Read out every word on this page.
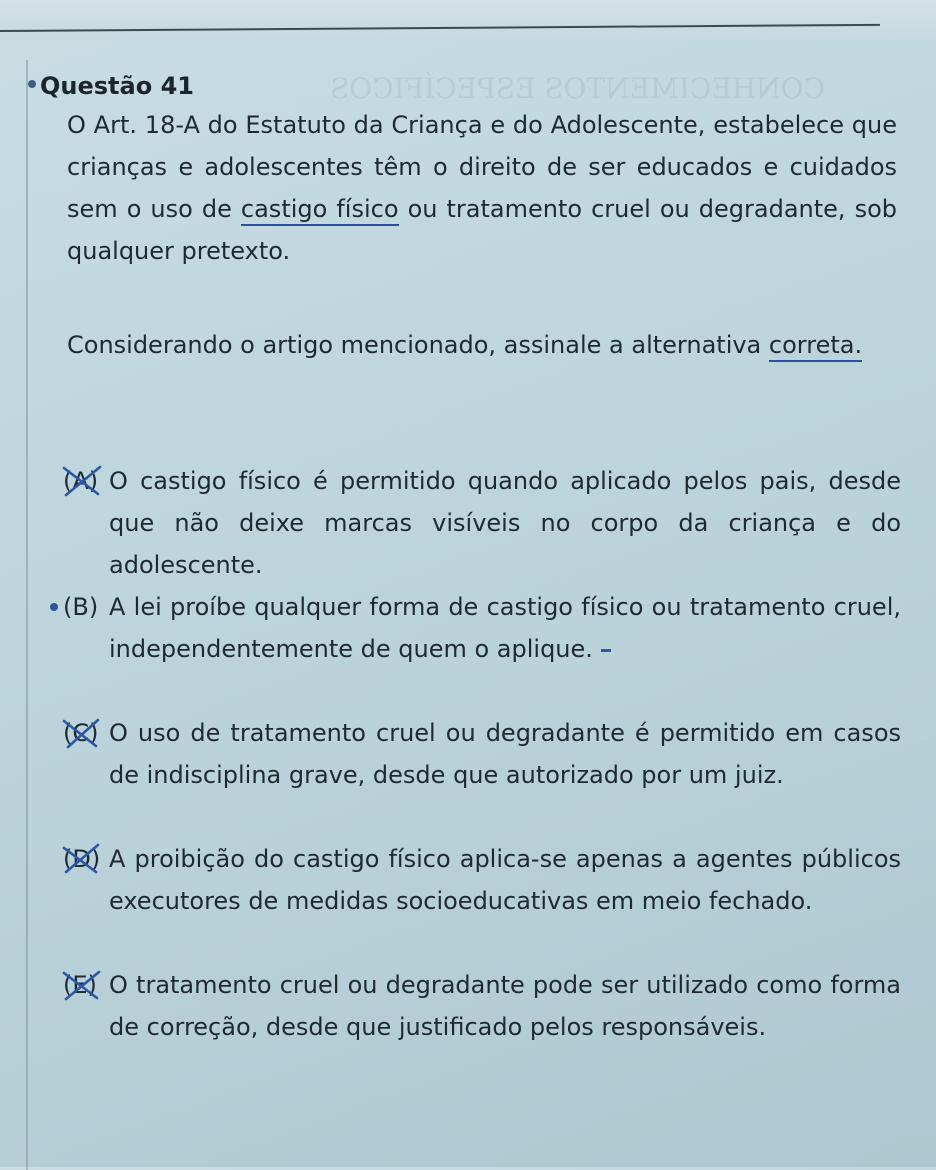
CONHECIMENTOS ESPECÍFICOS
Questão 41
O Art. 18-A do Estatuto da Criança e do Adolescente, estabelece que crianças e adolescentes têm o direito de ser educados e cuidados sem o uso de castigo físico ou tratamento cruel ou degradante, sob qualquer pretexto.
Considerando o artigo mencionado, assinale a alternativa correta.
(A) O castigo físico é permitido quando aplicado pelos pais, desde que não deixe marcas visíveis no corpo da criança e do adolescente.
(B) A lei proíbe qualquer forma de castigo físico ou tratamento cruel, independentemente de quem o aplique.
(C) O uso de tratamento cruel ou degradante é permitido em casos de indisciplina grave, desde que autorizado por um juiz.
(D) A proibição do castigo físico aplica-se apenas a agentes públicos executores de medidas socioeducativas em meio fechado.
(E) O tratamento cruel ou degradante pode ser utilizado como forma de correção, desde que justificado pelos responsáveis.
